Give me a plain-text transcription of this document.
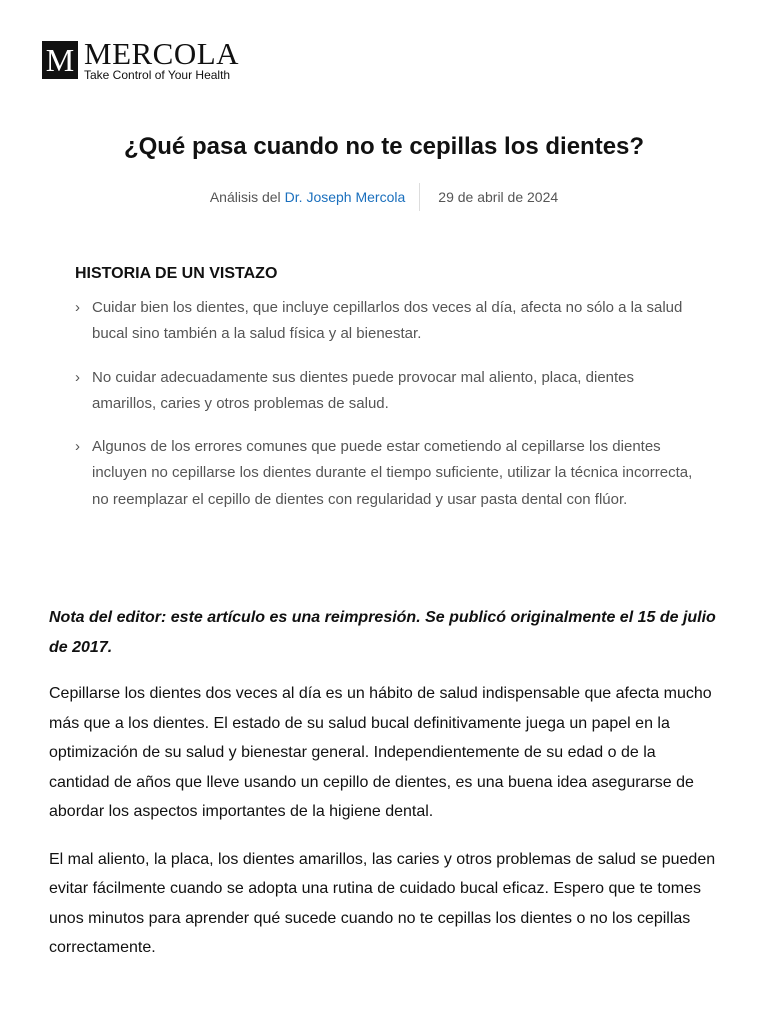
M MERCOLA
Take Control of Your Health
¿Qué pasa cuando no te cepillas los dientes?
Análisis del Dr. Joseph Mercola 29 de abril de 2024
HISTORIA DE UN VISTAZO
› Cuidar bien los dientes, que incluye cepillarlos dos veces al día, afecta no sólo a la salud bucal sino también a la salud física y al bienestar.
› No cuidar adecuadamente sus dientes puede provocar mal aliento, placa, dientes amarillos, caries y otros problemas de salud.
› Algunos de los errores comunes que puede estar cometiendo al cepillarse los dientes incluyen no cepillarse los dientes durante el tiempo suficiente, utilizar la técnica incorrecta, no reemplazar el cepillo de dientes con regularidad y usar pasta dental con flúor.

Nota del editor: este artículo es una reimpresión. Se publicó originalmente el 15 de julio de 2017.

Cepillarse los dientes dos veces al día es un hábito de salud indispensable que afecta mucho más que a los dientes. El estado de su salud bucal definitivamente juega un papel en la optimización de su salud y bienestar general. Independientemente de su edad o de la cantidad de años que lleve usando un cepillo de dientes, es una buena idea asegurarse de abordar los aspectos importantes de la higiene dental.

El mal aliento, la placa, los dientes amarillos, las caries y otros problemas de salud se pueden evitar fácilmente cuando se adopta una rutina de cuidado bucal eficaz. Espero que te tomes unos minutos para aprender qué sucede cuando no te cepillas los dientes o no los cepillas correctamente.
